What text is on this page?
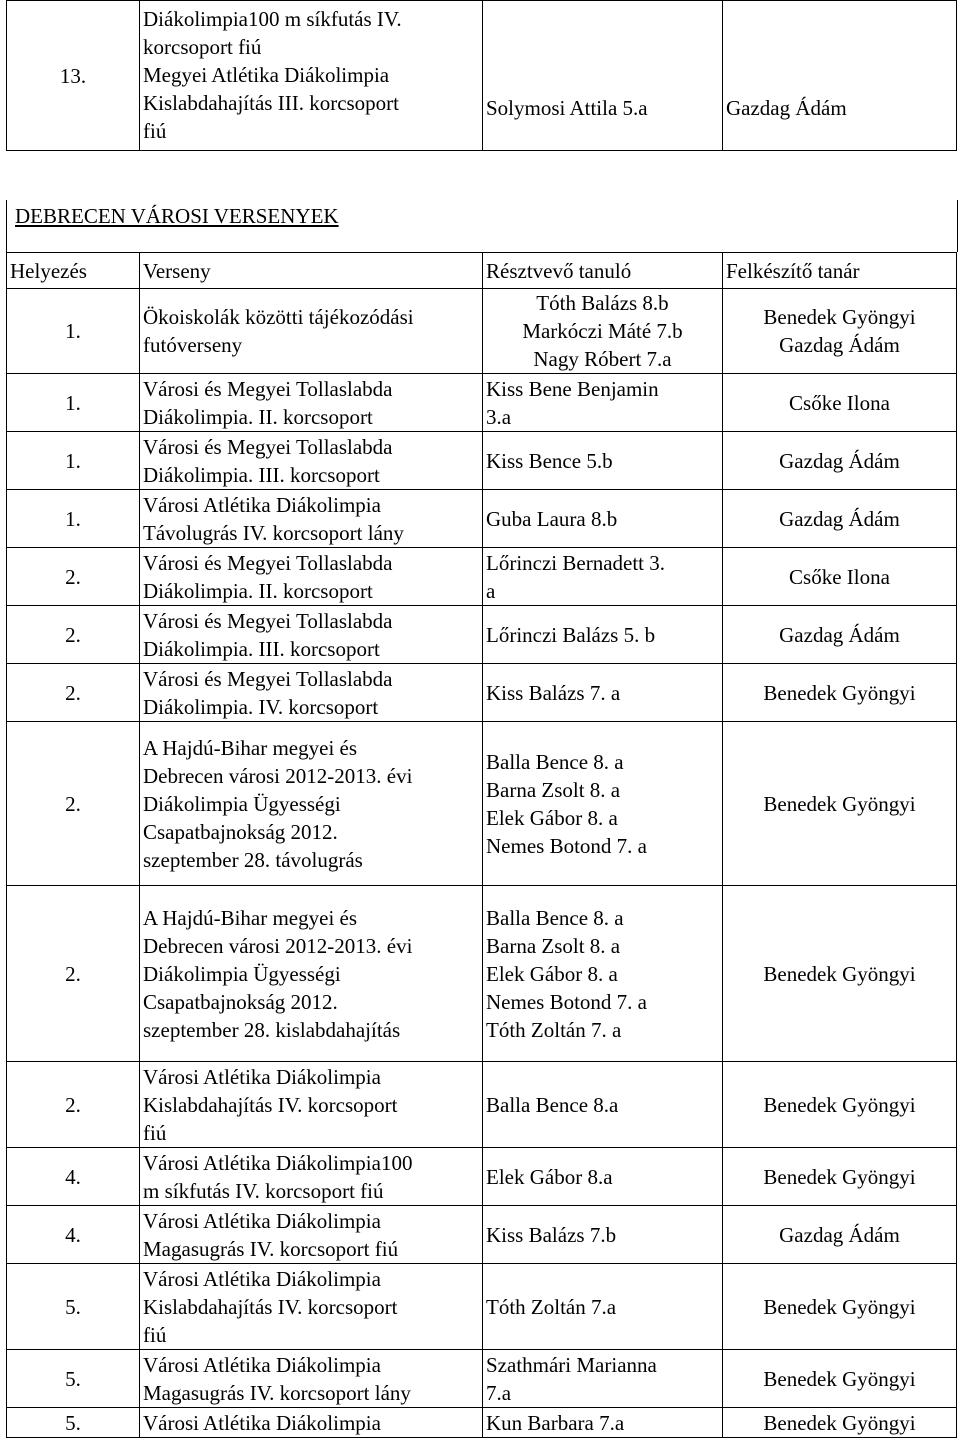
13.	Diákolimpia100 m síkfutás IV.
korcsoport fiú
Megyei Atlétika Diákolimpia
Kislabdahajítás III. korcsoport
fiú	Solymosi Attila 5.a	Gazdag Ádám
DEBRECEN VÁROSI VERSENYEK
Helyezés	Verseny	Résztvevő tanuló	Felkészítő tanár
1.	Ökoiskolák közötti tájékozódási
futóverseny	Tóth Balázs 8.b
Markóczi Máté 7.b
Nagy Róbert 7.a	Benedek Gyöngyi
Gazdag Ádám
1.	Városi és Megyei Tollaslabda
Diákolimpia. II. korcsoport	Kiss Bene Benjamin
3.a	Csőke Ilona
1.	Városi és Megyei Tollaslabda
Diákolimpia. III. korcsoport	Kiss Bence 5.b	Gazdag Ádám
1.	Városi Atlétika Diákolimpia
Távolugrás IV. korcsoport lány	Guba Laura 8.b	Gazdag Ádám
2.	Városi és Megyei Tollaslabda
Diákolimpia. II. korcsoport	Lőrinczi Bernadett 3.
a	Csőke Ilona
2.	Városi és Megyei Tollaslabda
Diákolimpia. III. korcsoport	Lőrinczi Balázs 5. b	Gazdag Ádám
2.	Városi és Megyei Tollaslabda
Diákolimpia. IV. korcsoport	Kiss Balázs 7. a	Benedek Gyöngyi
2.	A Hajdú-Bihar megyei és
Debrecen városi 2012-2013. évi
Diákolimpia Ügyességi
Csapatbajnokság 2012.
szeptember 28. távolugrás	Balla Bence 8. a
Barna Zsolt 8. a
Elek Gábor 8. a
Nemes Botond 7. a	Benedek Gyöngyi
2.	A Hajdú-Bihar megyei és
Debrecen városi 2012-2013. évi
Diákolimpia Ügyességi
Csapatbajnokság 2012.
szeptember 28. kislabdahajítás	Balla Bence 8. a
Barna Zsolt 8. a
Elek Gábor 8. a
Nemes Botond 7. a
Tóth Zoltán 7. a	Benedek Gyöngyi
2.	Városi Atlétika Diákolimpia
Kislabdahajítás IV. korcsoport
fiú	Balla Bence 8.a	Benedek Gyöngyi
4.	Városi Atlétika Diákolimpia100
m síkfutás IV. korcsoport fiú	Elek Gábor 8.a	Benedek Gyöngyi
4.	Városi Atlétika Diákolimpia
Magasugrás IV. korcsoport fiú	Kiss Balázs 7.b	Gazdag Ádám
5.	Városi Atlétika Diákolimpia
Kislabdahajítás IV. korcsoport
fiú	Tóth Zoltán 7.a	Benedek Gyöngyi
5.	Városi Atlétika Diákolimpia
Magasugrás IV. korcsoport lány	Szathmári Marianna
7.a	Benedek Gyöngyi
5.	Városi Atlétika Diákolimpia	Kun Barbara 7.a	Benedek Gyöngyi
